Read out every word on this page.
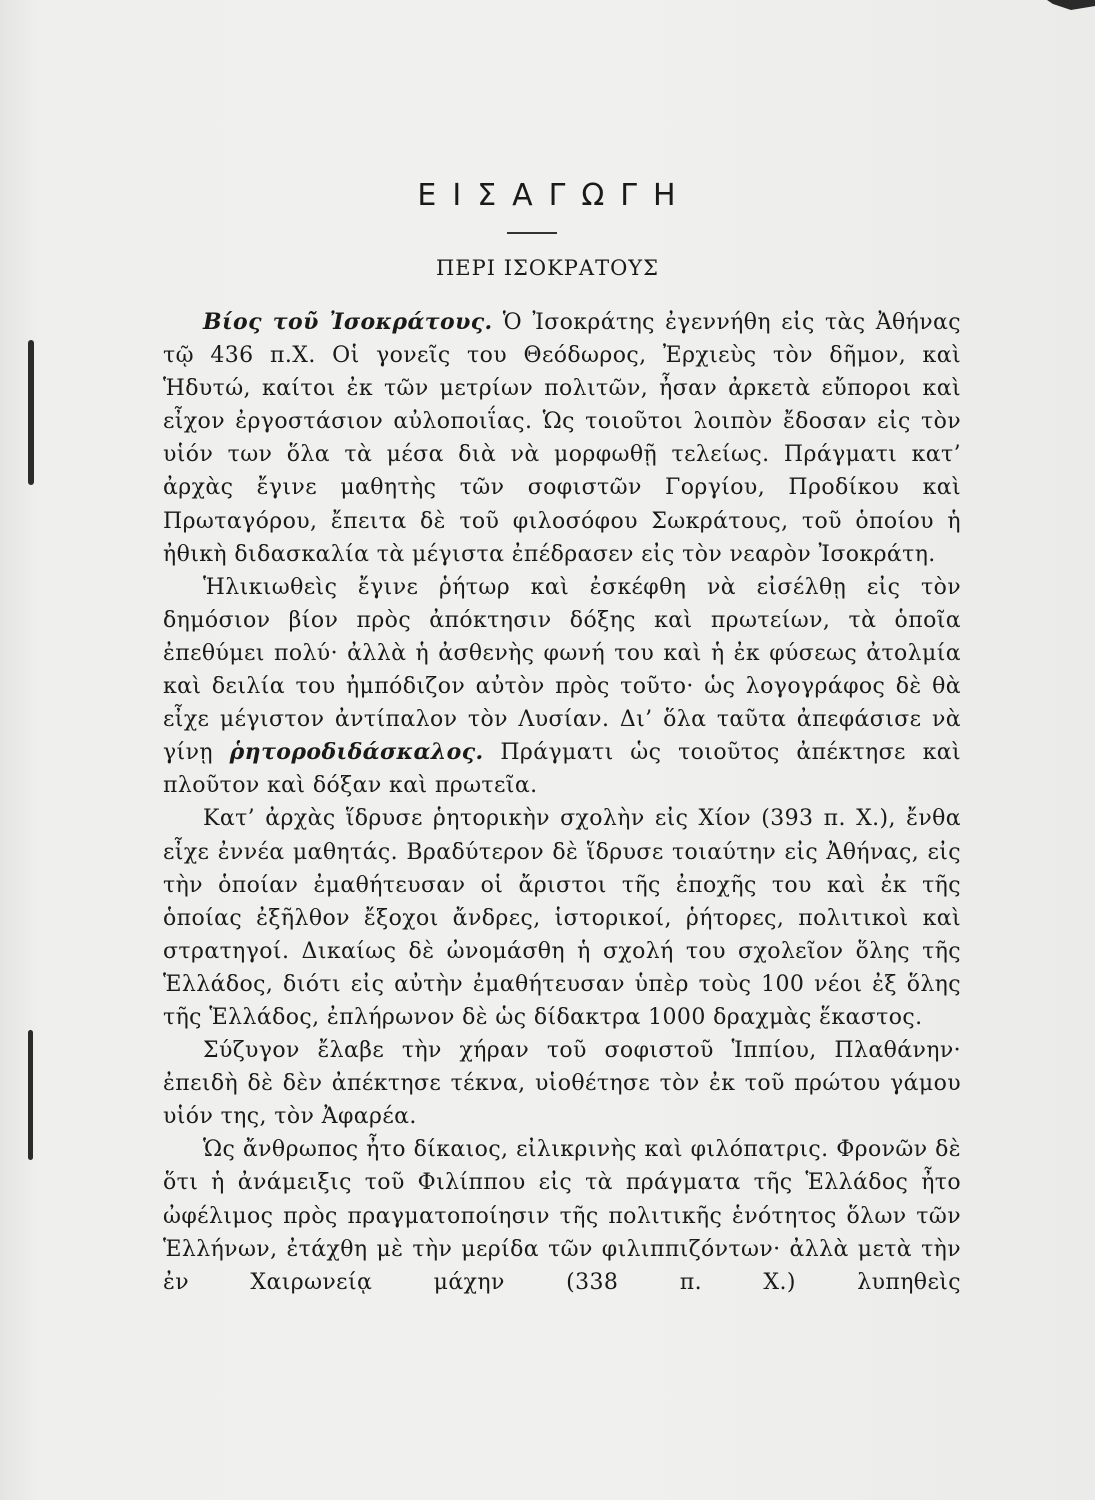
ΕΙΣΑΓΩΓΗ
ΠΕΡΙ ΙΣΟΚΡΑΤΟΥΣ

Βίος τοῦ Ἰσοκράτους. Ὁ Ἰσοκράτης ἐγεννήθη εἰς τὰς Ἀθήνας τῷ 436 π.Χ. Οἱ γονεῖς του Θεόδωρος, Ἐρχιεὺς τὸν δῆμον, καὶ Ἡδυτώ, καίτοι ἐκ τῶν μετρίων πολιτῶν, ἦσαν ἀρκετὰ εὔποροι καὶ εἶχον ἐργοστάσιον αὐλοποιΐας. Ὡς τοιοῦτοι λοιπὸν ἔδοσαν εἰς τὸν υἱόν των ὅλα τὰ μέσα διὰ νὰ μορφωθῇ τελείως. Πράγματι κατ’ ἀρχὰς ἔγινε μαθητὴς τῶν σοφιστῶν Γοργίου, Προδίκου καὶ Πρωταγόρου, ἔπειτα δὲ τοῦ φιλοσόφου Σωκράτους, τοῦ ὁποίου ἡ ἠθικὴ διδασκαλία τὰ μέγιστα ἐπέδρασεν εἰς τὸν νεαρὸν Ἰσοκράτη.

Ἡλικιωθεὶς ἔγινε ῥήτωρ καὶ ἐσκέφθη νὰ εἰσέλθῃ εἰς τὸν δημόσιον βίον πρὸς ἀπόκτησιν δόξης καὶ πρωτείων, τὰ ὁποῖα ἐπεθύμει πολύ· ἀλλὰ ἡ ἀσθενὴς φωνή του καὶ ἡ ἐκ φύσεως ἀτολμία καὶ δειλία του ἠμπόδιζον αὐτὸν πρὸς τοῦτο· ὡς λογογράφος δὲ θὰ εἶχε μέγιστον ἀντίπαλον τὸν Λυσίαν. Δι’ ὅλα ταῦτα ἀπεφάσισε νὰ γίνῃ ῥητοροδιδάσκαλος. Πράγματι ὡς τοιοῦτος ἀπέκτησε καὶ πλοῦτον καὶ δόξαν καὶ πρωτεῖα.

Κατ’ ἀρχὰς ἵδρυσε ῥητορικὴν σχολὴν εἰς Χίον (393 π. Χ.), ἔνθα εἶχε ἐννέα μαθητάς. Βραδύτερον δὲ ἵδρυσε τοιαύτην εἰς Ἀθήνας, εἰς τὴν ὁποίαν ἐμαθήτευσαν οἱ ἄριστοι τῆς ἐποχῆς του καὶ ἐκ τῆς ὁποίας ἐξῆλθον ἔξοχοι ἄνδρες, ἱστορικοί, ῥήτορες, πολιτικοὶ καὶ στρατηγοί. Δικαίως δὲ ὠνομάσθη ἡ σχολή του σχολεῖον ὅλης τῆς Ἑλλάδος, διότι εἰς αὐτὴν ἐμαθήτευσαν ὑπὲρ τοὺς 100 νέοι ἐξ ὅλης τῆς Ἑλλάδος, ἐπλήρωνον δὲ ὡς δίδακτρα 1000 δραχμὰς ἕκαστος.

Σύζυγον ἔλαβε τὴν χήραν τοῦ σοφιστοῦ Ἱππίου, Πλαθάνην· ἐπειδὴ δὲ δὲν ἀπέκτησε τέκνα, υἱοθέτησε τὸν ἐκ τοῦ πρώτου γάμου υἱόν της, τὸν Ἀφαρέα.

Ὡς ἄνθρωπος ἦτο δίκαιος, εἰλικρινὴς καὶ φιλόπατρις. Φρονῶν δὲ ὅτι ἡ ἀνάμειξις τοῦ Φιλίππου εἰς τὰ πράγματα τῆς Ἑλλάδος ἦτο ὠφέλιμος πρὸς πραγματοποίησιν τῆς πολιτικῆς ἑνότητος ὅλων τῶν Ἑλλήνων, ἐτάχθη μὲ τὴν μερίδα τῶν φιλιππιζόντων· ἀλλὰ μετὰ τὴν ἐν Χαιρωνείᾳ μάχην (338 π. Χ.) λυπηθεὶς
